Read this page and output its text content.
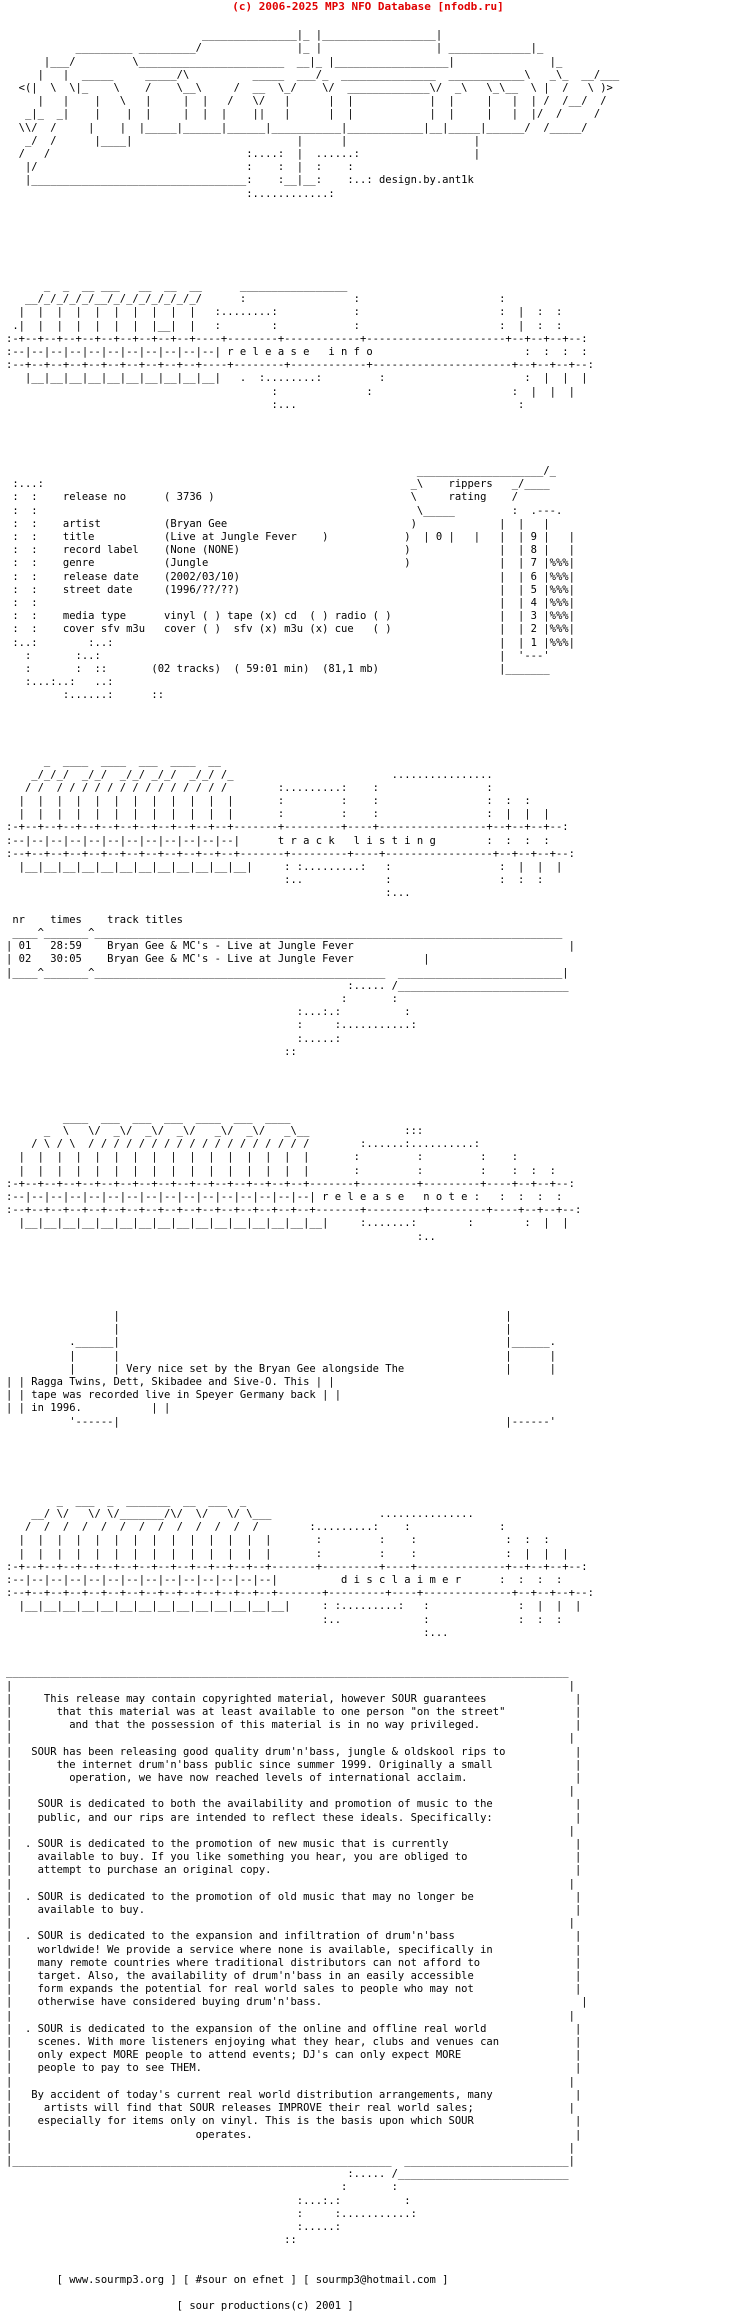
(c) 2006-2025 MP3 NFO Database [nfodb.ru]

_______________|_ |__________________|
_________ _________/               |_ |                  | _____________|_
|___/         \_______________________  __|_ |__________________|               |_
|   |  _____     _____/\          _____  ___/_  _______________  ____________\   _\_  __/___
<(|  \  \|_    \    /    \__\     /  __  \_/    \/  _____________\/  _\   \_\__  \ |  /   \ )>
|   |    |   \   |     |  |   /   \/   |      |  |            |  |     |   |  | /  /__/  /
_|_  _|    |    |  |     |  |  |    ||   |      |  |            |  |     |   |  |/  /     /
\\/  /     |    |  |_____|______|______|___________|____________|__|_____|______/  /_____/
_/  /      |____|                          |      |                    |
/   /                               :....:  |  ......:                  |
|/                                 :    :  |  :    :
|__________________________________:    :__|__:    :..: design.by.ant1k
:............:

_  _  __ ___   __  __  __      _________________
__/_/_/_/_/__/_/_/_/_/_/_/_/      :                 :                      :
|  |  |  |  |  |  |  |  |  |   :........:            :                      :  |  :  :
.|  |  |  |  |  |  |  |__|  |   :        :            :                      :  |  :  :
:-+--+--+--+--+--+--+--+--+--+----+--------+------------+----------------------+--+--+--+--:
:--|--|--|--|--|--|--|--|--|--|--| r e l e a s e   i n f o                        :  :  :  :
:--+--+--+--+--+--+--+--+--+--+----+--------+------------+----------------------+--+--+--+--:
|__|__|__|__|__|__|__|__|__|__|   .  :........:         :                      :  |  |  |
:              :                      :  |  |  |
:...                                   :

____________________/_
:...:                                                          _\    rippers   _/____
:  :    release no      ( 3736 )                               \     rating    /
:  :                                                            \_____         :  .---.
:  :    artist          (Bryan Gee                             )             |  |   |
:  :    title           (Live at Jungle Fever    )            )  | 0 |   |   |  | 9 |   |
:  :    record label    (None (NONE)                          )              |  | 8 |   |
:  :    genre           (Jungle                               )              |  | 7 |%%%|
:  :    release date    (2002/03/10)                                         |  | 6 |%%%|
:  :    street date     (1996/??/??)                                         |  | 5 |%%%|
:  :                                                                         |  | 4 |%%%|
:  :    media type      vinyl ( ) tape (x) cd  ( ) radio ( )                 |  | 3 |%%%|
:  :    cover sfv m3u   cover ( )  sfv (x) m3u (x) cue   ( )                 |  | 2 |%%%|
:..:        :..:                                                             |  | 1 |%%%|
:       :..:                                                               |  '---'
:       :  ::       (02 tracks)  ( 59:01 min)  (81,1 mb)                   |_______
:...:..:   ..:
:......:      ::

_  ____  ____  ___  ____  __
_/_/_/  _/_/  _/_/ _/_/  _/_/ /_                         ................
/ /  / / / / / / / / / / / / / /        :.........:    :                 :
|  |  |  |  |  |  |  |  |  |  |  |       :         :    :                 :  :  :
|  |  |  |  |  |  |  |  |  |  |  |       :         :    :                 :  |  |  |
:-+--+--+--+--+--+--+--+--+--+--+--+-------+---------+----+-----------------+--+--+--+--:
:--|--|--|--|--|--|--|--|--|--|--|--|      t r a c k   l i s t i n g        :  :  :  :
:--+--+--+--+--+--+--+--+--+--+--+--+-------+---------+----+-----------------+--+--+--+--:
|__|__|__|__|__|__|__|__|__|__|__|__|     : :.........:   :                 :  |  |  |
:..             :                 :  :  :
:...

nr    times    track titles
____^_______^__________________________________________________________________________
| 01   28:59    Bryan Gee & MC's - Live at Jungle Fever                                  |
| 02   30:05    Bryan Gee & MC's - Live at Jungle Fever           |
|____^_______^______________________________________________  __________________________|
:..... /___________________________
:       :
:...:.:          :
:     :...........:
:.....:
::

____  ___  ___  ___  ____  ___  ____
_  \   \/  _\/  _\/  _\/   _\/  _\/   _\__               :::
/ \ / \  / / / / / / / / / / / / / / / / / /        :......:..........:
|  |  |  |  |  |  |  |  |  |  |  |  |  |  |  |       :         :         :    :
|  |  |  |  |  |  |  |  |  |  |  |  |  |  |  |       :         :         :    :  :  :
:-+--+--+--+--+--+--+--+--+--+--+--+--+--+--+--+-------+---------+---------+----+--+--+--:
:--|--|--|--|--|--|--|--|--|--|--|--|--|--|--|--| r e l e a s e   n o t e :   :  :  :  :
:--+--+--+--+--+--+--+--+--+--+--+--+--+--+--+--+-------+---------+---------+----+--+--+--:
|__|__|__|__|__|__|__|__|__|__|__|__|__|__|__|__|     :.......:        :        :  |  |
:..

|                                                             |
|                                                             |
.______|                                                             |______.
|      |                                                             |      |
|      | Very nice set by the Bryan Gee alongside The                |      |
| | Ragga Twins, Dett, Skibadee and Sive-O. This | |
| | tape was recorded live in Speyer Germany back | |
| | in 1996.           | |
'------|                                                             |------'

_  ___  _  _______  __  ___  _
__/ \/   \/ \/_______/\/  \/   \/ \___                 ...............
/  /  /  /  /  /  /  /  /  /  /  /  /        :.........:    :              :
|  |  |  |  |  |  |  |  |  |  |  |  |  |       :         :    :              :  :  :
|  |  |  |  |  |  |  |  |  |  |  |  |  |       :         :    :              :  |  |  |
:-+--+--+--+--+--+--+--+--+--+--+--+--+--+-------+---------+----+--------------+--+--+--+--:
:--|--|--|--|--|--|--|--|--|--|--|--|--|--|          d i s c l a i m e r      :  :  :  :
:--+--+--+--+--+--+--+--+--+--+--+--+--+--+-------+---------+----+--------------+--+--+--+--:
|__|__|__|__|__|__|__|__|__|__|__|__|__|__|     : :.........:   :              :  |  |  |
:..             :              :  :  :
:...

_________________________________________________________________________________________
|                                                                                        |
|     This release may contain copyrighted material, however SOUR guarantees              |
|       that this material was at least available to one person "on the street"           |
|         and that the possession of this material is in no way privileged.               |
|                                                                                        |
|   SOUR has been releasing good quality drum'n'bass, jungle & oldskool rips to           |
|       the internet drum'n'bass public since summer 1999. Originally a small             |
|         operation, we have now reached levels of international acclaim.                 |
|                                                                                        |
|    SOUR is dedicated to both the availability and promotion of music to the             |
|    public, and our rips are intended to reflect these ideals. Specifically:             |
|                                                                                        |
|  . SOUR is dedicated to the promotion of new music that is currently                    |
|    available to buy. If you like something you hear, you are obliged to                 |
|    attempt to purchase an original copy.                                                |
|                                                                                        |
|  . SOUR is dedicated to the promotion of old music that may no longer be                |
|    available to buy.                                                                    |
|                                                                                        |
|  . SOUR is dedicated to the expansion and infiltration of drum'n'bass                   |
|    worldwide! We provide a service where none is available, specifically in             |
|    many remote countries where traditional distributors can not afford to               |
|    target. Also, the availability of drum'n'bass in an easily accessible                |
|    form expands the potential for real world sales to people who may not                |
|    otherwise have considered buying drum'n'bass.                                         |
|                                                                                        |
|  . SOUR is dedicated to the expansion of the online and offline real world              |
|    scenes. With more listeners enjoying what they hear, clubs and venues can            |
|    only expect MORE people to attend events; DJ's can only expect MORE                  |
|    people to pay to see THEM.                                                           |
|                                                                                        |
|   By accident of today's current real world distribution arrangements, many             |
|     artists will find that SOUR releases IMPROVE their real world sales;               |
|    especially for items only on vinyl. This is the basis upon which SOUR                |
|                             operates.                                                   |
|                                                                                        |
|____________________________________________________________  __________________________|
:..... /___________________________
:       :
:...:.:          :
:     :...........:
:.....:
::

[ www.sourmp3.org ] [ #sour on efnet ] [ sourmp3@hotmail.com ]

[ sour productions(c) 2001 ]
